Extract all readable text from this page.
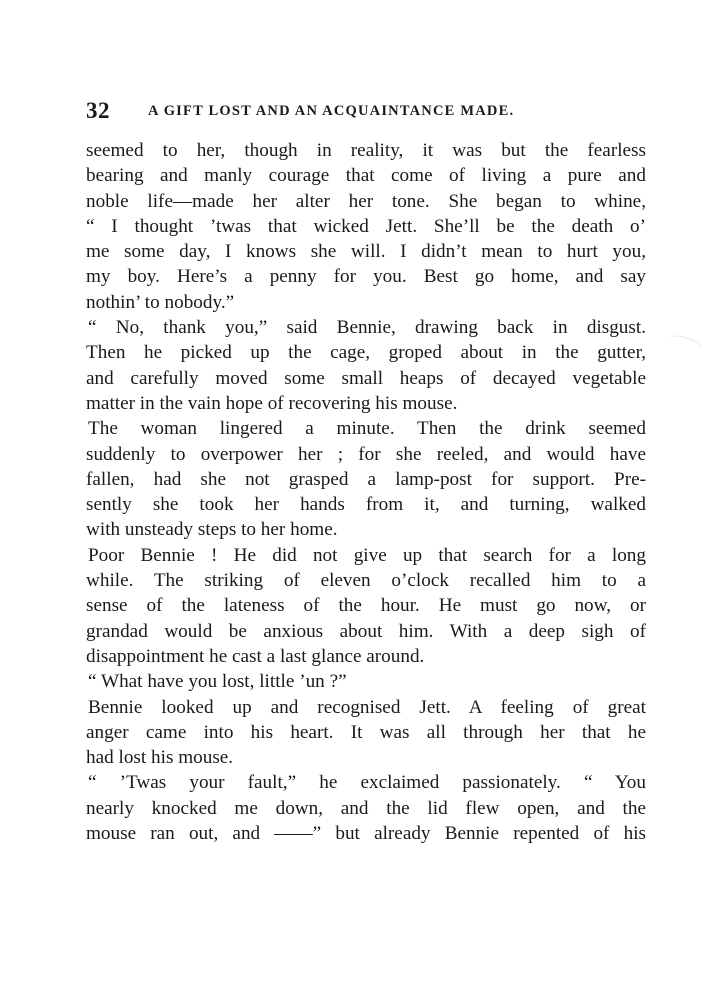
32	A GIFT LOST AND AN ACQUAINTANCE MADE.
seemed to her, though in reality, it was but the fearless
bearing and manly courage that come of living a pure and
noble life—made her alter her tone. She began to whine,
“ I thought ’twas that wicked Jett. She’ll be the death o’
me some day, I knows she will. I didn’t mean to hurt you,
my boy. Here’s a penny for you. Best go home, and say
nothin’ to nobody.”
“ No, thank you,” said Bennie, drawing back in disgust.
Then he picked up the cage, groped about in the gutter,
and carefully moved some small heaps of decayed vegetable
matter in the vain hope of recovering his mouse.
The woman lingered a minute. Then the drink seemed
suddenly to overpower her ; for she reeled, and would have
fallen, had she not grasped a lamp-post for support. Pre-
sently she took her hands from it, and turning, walked
with unsteady steps to her home.
Poor Bennie ! He did not give up that search for a long
while. The striking of eleven o’clock recalled him to a
sense of the lateness of the hour. He must go now, or
grandad would be anxious about him. With a deep sigh of
disappointment he cast a last glance around.
“ What have you lost, little ’un ?”
Bennie looked up and recognised Jett. A feeling of great
anger came into his heart. It was all through her that he
had lost his mouse.
“ ’Twas your fault,” he exclaimed passionately. “ You
nearly knocked me down, and the lid flew open, and the
mouse ran out, and ——” but already Bennie repented of his
